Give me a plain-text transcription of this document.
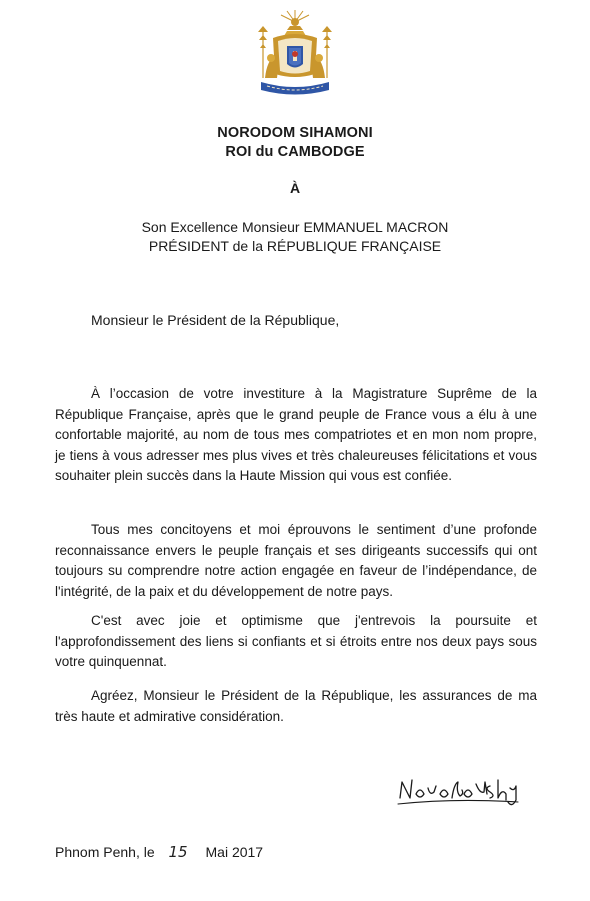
NORODOM SIHAMONI
ROI du CAMBODGE
À
Son Excellence Monsieur EMMANUEL MACRON
PRÉSIDENT de la RÉPUBLIQUE FRANÇAISE
Monsieur le Président de la République,

À l’occasion de votre investiture à la Magistrature Suprême de la République Française, après que le grand peuple de France vous a élu à une confortable majorité, au nom de tous mes compatriotes et en mon nom propre, je tiens à vous adresser mes plus vives et très chaleureuses félicitations et vous souhaiter plein succès dans la Haute Mission qui vous est confiée.

Tous mes concitoyens et moi éprouvons le sentiment d’une profonde reconnaissance envers le peuple français et ses dirigeants successifs qui ont toujours su comprendre notre action engagée en faveur de l’indépendance, de l'intégrité, de la paix et du développement de notre pays.

C'est avec joie et optimisme que j'entrevois la poursuite et l'approfondissement des liens si confiants et si étroits entre nos deux pays sous votre quinquennat.

Agréez, Monsieur le Président de la République, les assurances de ma très haute et admirative considération.

Phnom Penh, le 15 Mai 2017
